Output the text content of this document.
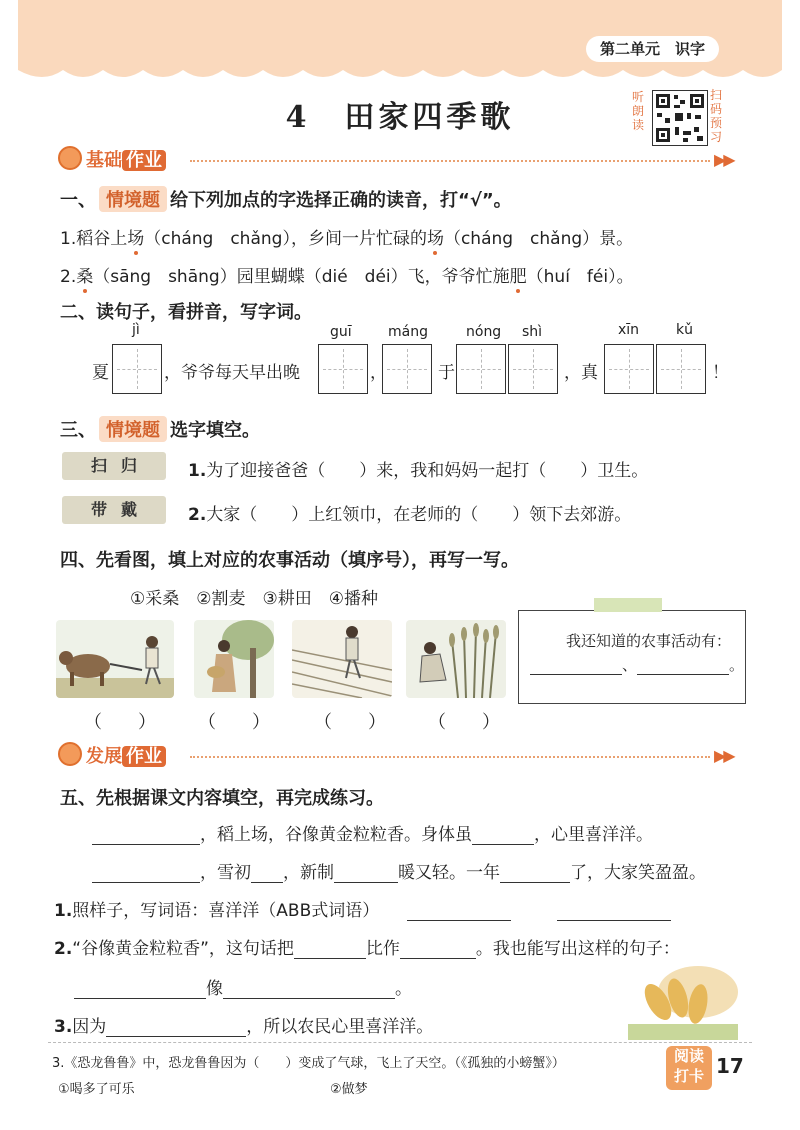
第二单元　识字
4　田家四季歌
听朗读
扫码预习
基础 作业	▶▶
一、 情境题 给下列加点的字选择正确的读音，打“√”。
1.稻谷上场（cháng　chǎng），乡间一片忙碌的场（cháng　chǎng）景。
2.桑（sāng　shāng）园里蝴蝶（dié　déi）飞，爷爷忙施肥（huí　féi）。
二、读句子，看拼音，写字词。
jì	guī	máng	nóng shì	xīn	kǔ
夏	，爷爷每天早出晚	，	于	，真	！
三、 情境题 选字填空。
扫归	1.为了迎接爸爸（　　）来，我和妈妈一起打（　　）卫生。
带戴	2.大家（　　）上红领巾，在老师的（　　）领下去郊游。
四、先看图，填上对应的农事活动（填序号），再写一写。
①采桑　②割麦　③耕田　④播种
（　　） （　　） （　　） （　　）
我还知道的农事活动有：
、	。
发展 作业	▶▶
五、先根据课文内容填空，再完成练习。
，稻上场，谷像黄金粒粒香。身体虽	，心里喜洋洋。
，雪初 ，新制	暖又轻。一年	了，大家笑盈盈。
1.照样子，写词语：喜洋洋（ABB式词语）
2.“谷像黄金粒粒香”，这句话把	比作	。我也能写出这样的句子：
像	。
3.因为	，所以农民心里喜洋洋。
3.《恐龙鲁鲁》中，恐龙鲁鲁因为（　　）变成了气球，飞上了天空。（《孤独的小螃蟹》）
①喝多了可乐	②做梦
阅读
打卡 17
